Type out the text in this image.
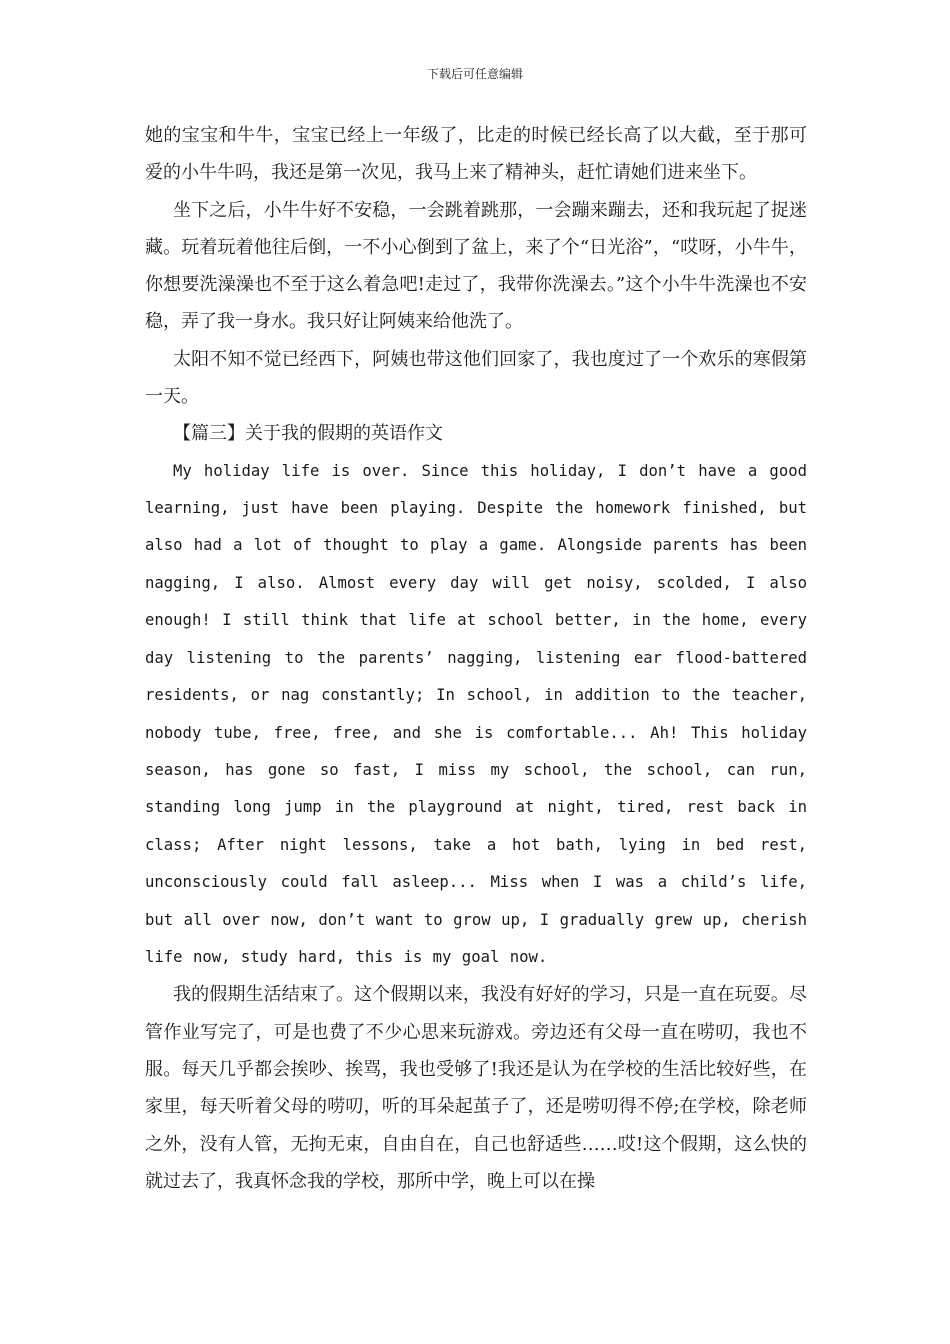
下载后可任意编辑

她的宝宝和牛牛，宝宝已经上一年级了，比走的时候已经长高了以大截，至于那可爱的小牛牛吗，我还是第一次见，我马上来了精神头，赶忙请她们进来坐下。

坐下之后，小牛牛好不安稳，一会跳着跳那，一会蹦来蹦去，还和我玩起了捉迷藏。玩着玩着他往后倒，一不小心倒到了盆上，来了个“日光浴”，“哎呀，小牛牛，你想要洗澡澡也不至于这么着急吧!走过了，我带你洗澡去。”这个小牛牛洗澡也不安稳，弄了我一身水。我只好让阿姨来给他洗了。

太阳不知不觉已经西下，阿姨也带这他们回家了，我也度过了一个欢乐的寒假第一天。

【篇三】关于我的假期的英语作文

My holiday life is over. Since this holiday, I don’t have a good learning, just have been playing. Despite the homework finished, but also had a lot of thought to play a game. Alongside parents has been nagging, I also. Almost every day will get noisy, scolded, I also enough! I still think that life at school better, in the home, every day listening to the parents’ nagging, listening ear flood-battered residents, or nag constantly; In school, in addition to the teacher, nobody tube, free, free, and she is comfortable... Ah! This holiday season, has gone so fast, I miss my school, the school, can run, standing long jump in the playground at night, tired, rest back in class; After night lessons, take a hot bath, lying in bed rest, unconsciously could fall asleep... Miss when I was a child’s life, but all over now, don’t want to grow up, I gradually grew up, cherish life now, study hard, this is my goal now.

我的假期生活结束了。这个假期以来，我没有好好的学习，只是一直在玩耍。尽管作业写完了，可是也费了不少心思来玩游戏。旁边还有父母一直在唠叨，我也不服。每天几乎都会挨吵、挨骂，我也受够了!我还是认为在学校的生活比较好些，在家里，每天听着父母的唠叨，听的耳朵起茧子了，还是唠叨得不停;在学校，除老师之外，没有人管，无拘无束，自由自在，自己也舒适些……哎!这个假期，这么快的就过去了，我真怀念我的学校，那所中学，晚上可以在操
